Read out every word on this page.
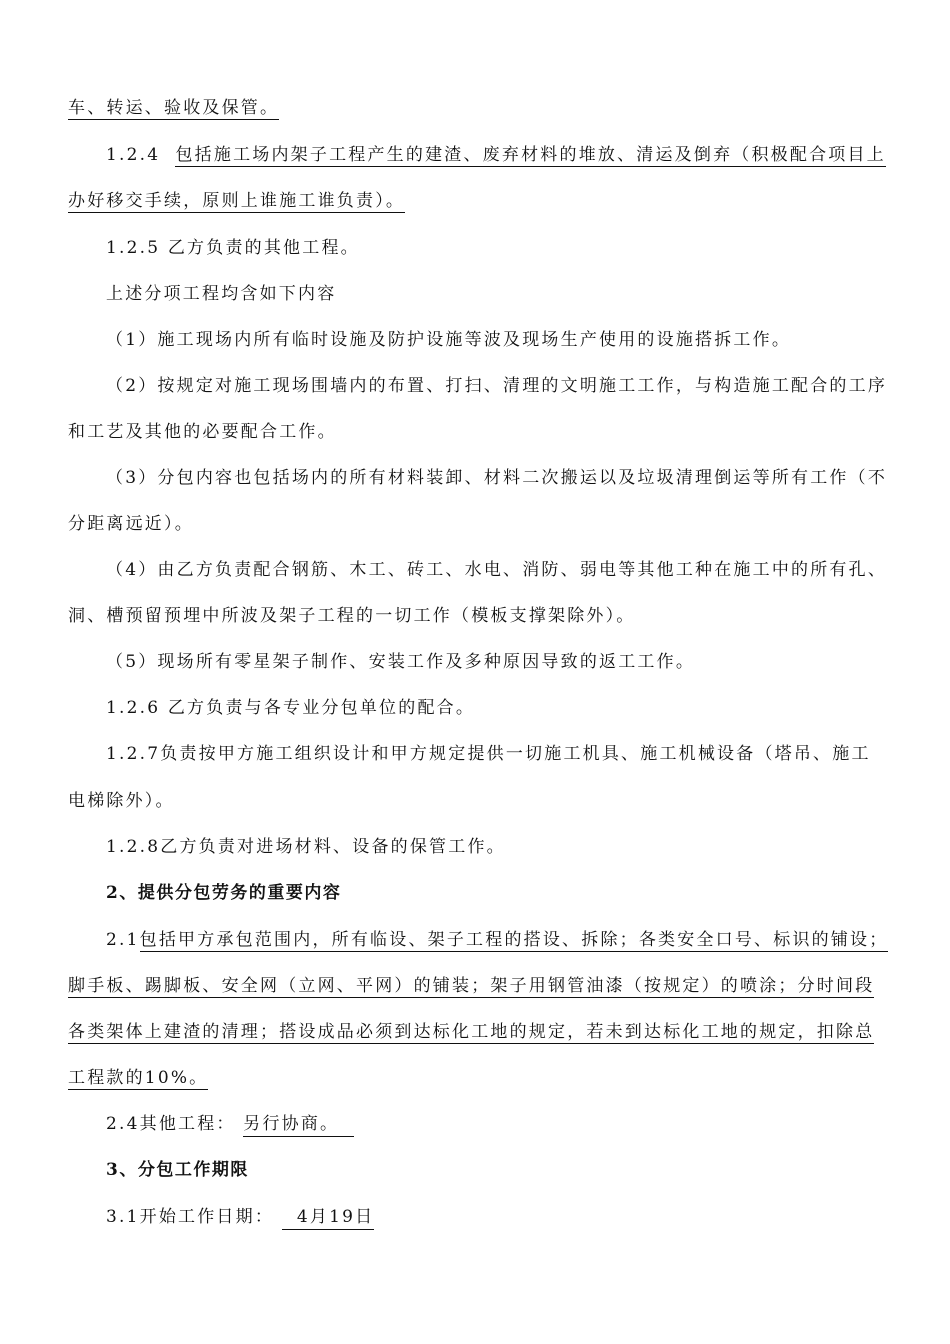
车、转运、验收及保管。
1.2.4 包括施工场内架子工程产生的建渣、废弃材料的堆放、清运及倒弃（积极配合项目上
办好移交手续，原则上谁施工谁负责）。
1.2.5 乙方负责的其他工程。
上述分项工程均含如下内容
（1）施工现场内所有临时设施及防护设施等波及现场生产使用的设施搭拆工作。
（2）按规定对施工现场围墙内的布置、打扫、清理的文明施工工作，与构造施工配合的工序
和工艺及其他的必要配合工作。
（3）分包内容也包括场内的所有材料装卸、材料二次搬运以及垃圾清理倒运等所有工作（不
分距离远近）。
（4）由乙方负责配合钢筋、木工、砖工、水电、消防、弱电等其他工种在施工中的所有孔、
洞、槽预留预埋中所波及架子工程的一切工作（模板支撑架除外）。
（5）现场所有零星架子制作、安装工作及多种原因导致的返工工作。
1.2.6 乙方负责与各专业分包单位的配合。
1.2.7负责按甲方施工组织设计和甲方规定提供一切施工机具、施工机械设备（塔吊、施工
电梯除外）。
1.2.8乙方负责对进场材料、设备的保管工作。
2、提供分包劳务的重要内容
2.1包括甲方承包范围内，所有临设、架子工程的搭设、拆除；各类安全口号、标识的铺设；
脚手板、踢脚板、安全网（立网、平网）的铺装；架子用钢管油漆（按规定）的喷涂；分时间段
各类架体上建渣的清理；搭设成品必须到达标化工地的规定，若未到达标化工地的规定，扣除总
工程款的10%。
2.4其他工程： 另行协商。
3、分包工作期限
3.1开始工作日期： 4月19日
